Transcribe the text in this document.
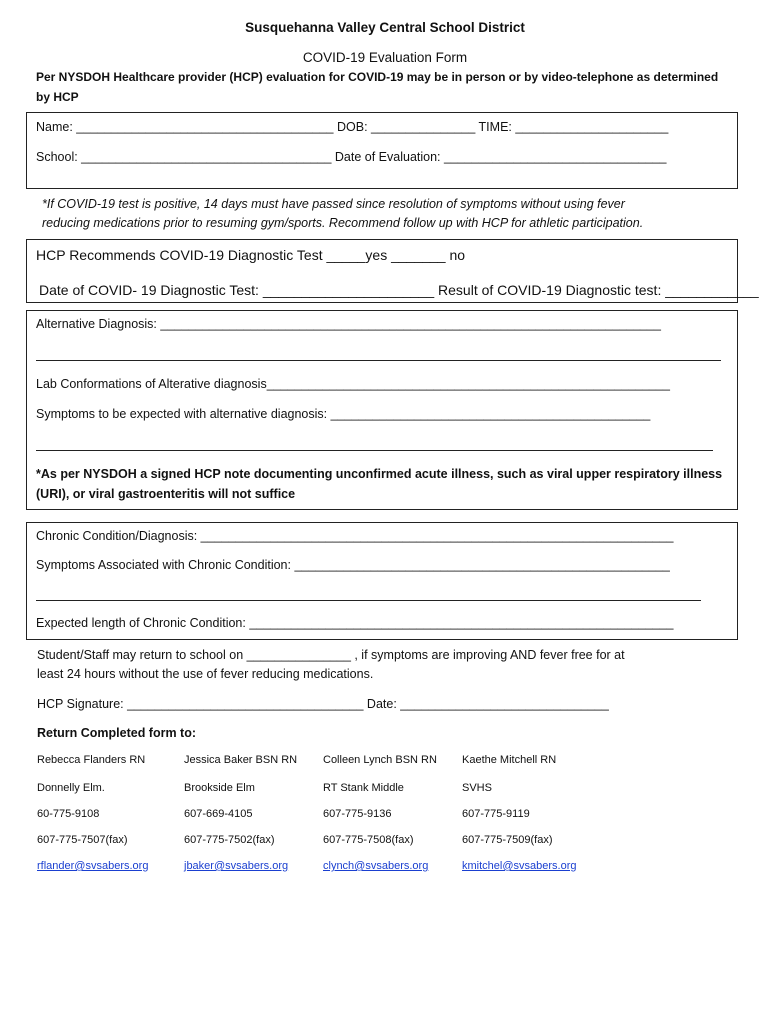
Susquehanna Valley Central School District
COVID-19 Evaluation Form
Per NYSDOH Healthcare provider (HCP) evaluation for COVID-19 may be in person or by video-telephone as determined by HCP
Name: _____________________________________ DOB: _______________ TIME: ______________________
School: ____________________________________ Date of Evaluation: ________________________________
*If COVID-19 test is positive, 14 days must have passed since resolution of symptoms without using fever
reducing medications prior to resuming gym/sports. Recommend follow up with HCP for athletic participation.
HCP Recommends COVID-19 Diagnostic Test _____yes _______ no
Date of COVID- 19 Diagnostic Test: ______________________ Result of COVID-19 Diagnostic test: ____________
Alternative Diagnosis: ________________________________________________________________________
Lab Conformations of Alterative diagnosis__________________________________________________________
Symptoms to be expected with alternative diagnosis: ______________________________________________
*As per NYSDOH a signed HCP note documenting unconfirmed acute illness, such as viral upper respiratory illness
(URI), or viral gastroenteritis will not suffice
Chronic Condition/Diagnosis: ____________________________________________________________________
Symptoms Associated with Chronic Condition: ______________________________________________________
Expected length of Chronic Condition: _____________________________________________________________
Student/Staff may return to school on _______________ , if symptoms are improving AND fever free for at
least 24 hours without the use of fever reducing medications.
HCP Signature: __________________________________ Date: ______________________________
Return Completed form to:
Rebecca Flanders RN
Donnelly Elm.
60-775-9108
607-775-7507(fax)
rflander@svsabers.org
Jessica Baker BSN RN
Brookside Elm
607-669-4105
607-775-7502(fax)
jbaker@svsabers.org
Colleen Lynch BSN RN
RT Stank Middle
607-775-9136
607-775-7508(fax)
clynch@svsabers.org
Kaethe Mitchell RN
SVHS
607-775-9119
607-775-7509(fax)
kmitchel@svsabers.org
